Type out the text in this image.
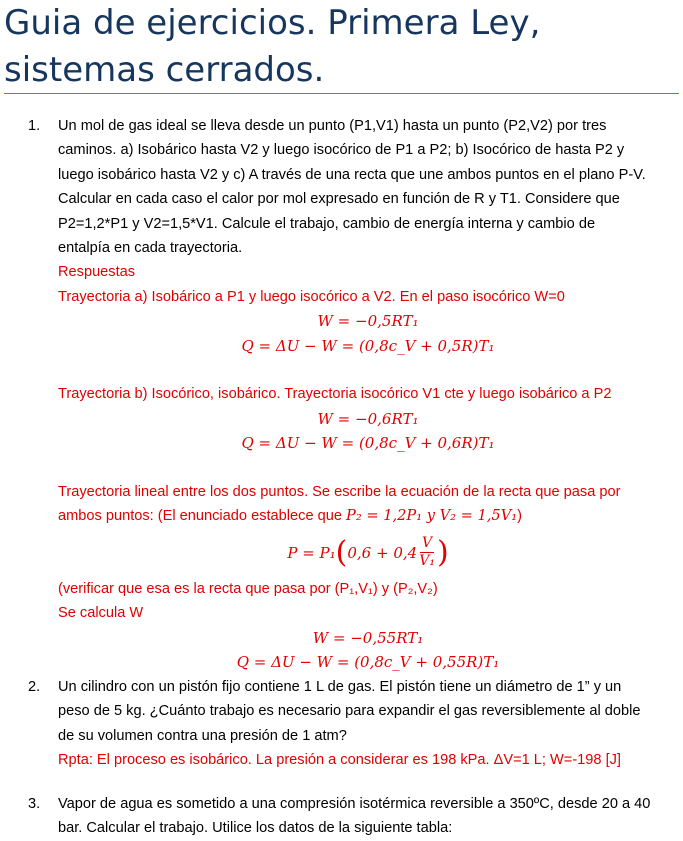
Guia de ejercicios. Primera Ley,
sistemas cerrados.
1.	Un mol de gas ideal se lleva desde un punto (P1,V1) hasta un punto (P2,V2) por tres
caminos. a) Isobárico hasta V2 y luego isocórico de P1 a P2; b) Isocórico de hasta P2 y
luego isobárico hasta V2 y c) A través de una recta que une ambos puntos en el plano P-V.
Calcular en cada caso el calor por mol expresado en función de R y T1. Considere que
P2=1,2*P1 y V2=1,5*V1. Calcule el trabajo, cambio de energía interna y cambio de
entalpía en cada trayectoria.
Respuestas
Trayectoria a) Isobárico a P1 y luego isocórico a V2. En el paso isocórico W=0
W = −0,5RT₁
Q = ΔU − W = (0,8c_V + 0,5R)T₁
Trayectoria b) Isocórico, isobárico. Trayectoria isocórico V1 cte y luego isobárico a P2
W = −0,6RT₁
Q = ΔU − W = (0,8c_V + 0,6R)T₁
Trayectoria lineal entre los dos puntos. Se escribe la ecuación de la recta que pasa por
ambos puntos: (El enunciado establece que P₂ = 1,2P₁ y V₂ = 1,5V₁)
P = P₁ ( $0,6 + 0,4 \frac{V}{\text{V₁}}$ )
(verificar que esa es la recta que pasa por (P₁,V₁) y (P₂,V₂)
Se calcula W
W = −0,55RT₁
Q = ΔU − W = (0,8c_V + 0,55R)T₁
2.	Un cilindro con un pistón fijo contiene 1 L de gas. El pistón tiene un diámetro de 1” y un
peso de 5 kg. ¿Cuánto trabajo es necesario para expandir el gas reversiblemente al doble
de su volumen contra una presión de 1 atm?
Rpta: El proceso es isobárico. La presión a considerar es 198 kPa. ΔV=1 L; W=-198 [J]
3.	Vapor de agua es sometido a una compresión isotérmica reversible a 350ºC, desde 20 a 40
bar. Calcular el trabajo. Utilice los datos de la siguiente tabla:
